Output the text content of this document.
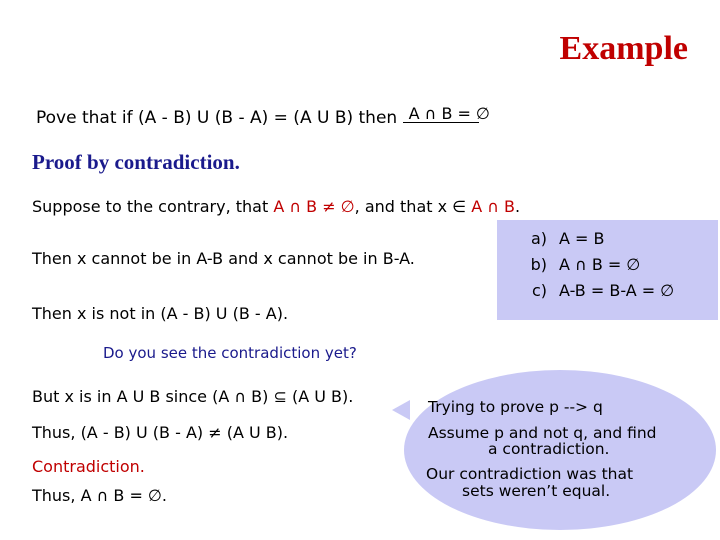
Example
Pove that if (A - B) U (B - A) = (A U B) then A ∩ B = ∅
Proof by contradiction.
Suppose to the contrary, that A ∩ B ≠ ∅, and that x ∈ A ∩ B.
Then x cannot be in A-B and x cannot be in B-A.
Then x is not in (A - B) U (B - A).
Do you see the contradiction yet?
But x is in A U B since (A ∩ B) ⊆ (A U B).
Thus, (A - B) U (B - A) ≠ (A U B).
Contradiction.
Thus, A ∩ B = ∅.
a) A = B
b) A ∩ B = ∅
c) A-B = B-A = ∅
Trying to prove p --> q
Assume p and not q, and find
a contradiction.
Our contradiction was that
sets weren’t equal.
